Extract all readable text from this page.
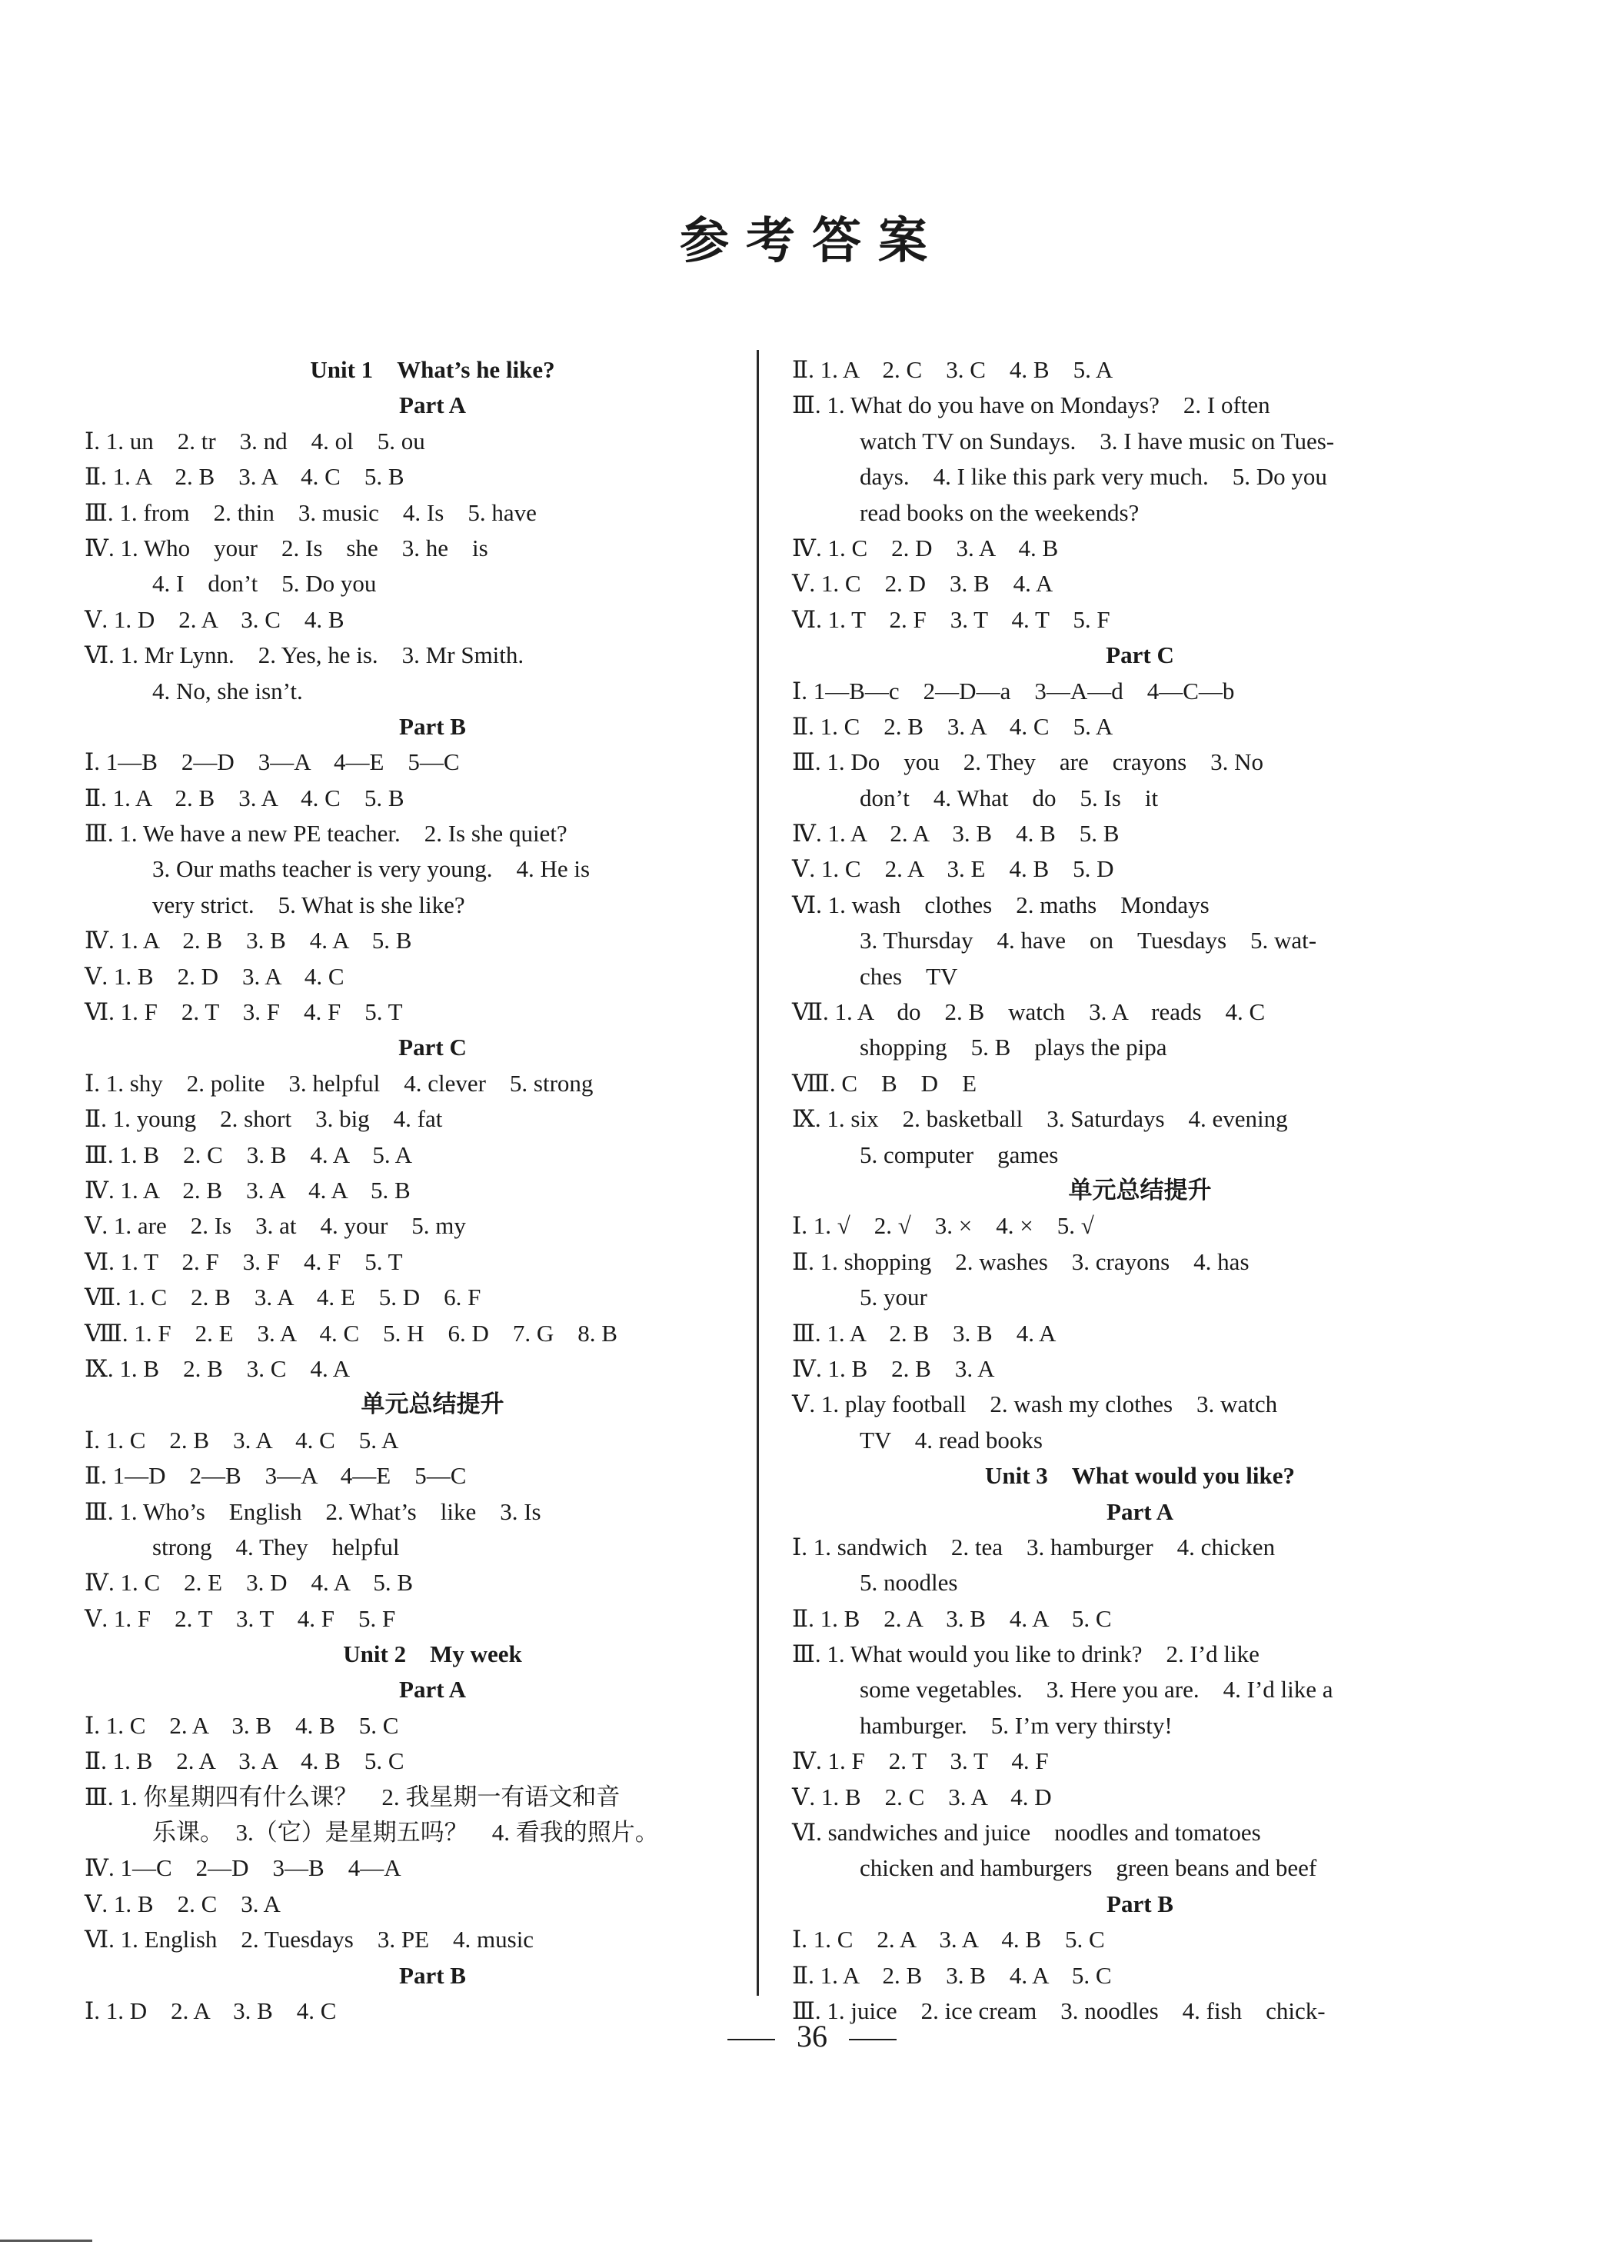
参考答案
Unit 1　What’s he like?
Part A
Ⅰ. 1. un　2. tr　3. nd　4. ol　5. ou
Ⅱ. 1. A　2. B　3. A　4. C　5. B
Ⅲ. 1. from　2. thin　3. music　4. Is　5. have
Ⅳ. 1. Who　your　2. Is　she　3. he　is
4. I　don’t　5. Do you
Ⅴ. 1. D　2. A　3. C　4. B
Ⅵ. 1. Mr Lynn.　2. Yes, he is.　3. Mr Smith.
4. No, she isn’t.
Part B
Ⅰ. 1—B　2—D　3—A　4—E　5—C
Ⅱ. 1. A　2. B　3. A　4. C　5. B
Ⅲ. 1. We have a new PE teacher.　2. Is she quiet?
3. Our maths teacher is very young.　4. He is
very strict.　5. What is she like?
Ⅳ. 1. A　2. B　3. B　4. A　5. B
Ⅴ. 1. B　2. D　3. A　4. C
Ⅵ. 1. F　2. T　3. F　4. F　5. T
Part C
Ⅰ. 1. shy　2. polite　3. helpful　4. clever　5. strong
Ⅱ. 1. young　2. short　3. big　4. fat
Ⅲ. 1. B　2. C　3. B　4. A　5. A
Ⅳ. 1. A　2. B　3. A　4. A　5. B
Ⅴ. 1. are　2. Is　3. at　4. your　5. my
Ⅵ. 1. T　2. F　3. F　4. F　5. T
Ⅶ. 1. C　2. B　3. A　4. E　5. D　6. F
Ⅷ. 1. F　2. E　3. A　4. C　5. H　6. D　7. G　8. B
Ⅸ. 1. B　2. B　3. C　4. A
单元总结提升
Ⅰ. 1. C　2. B　3. A　4. C　5. A
Ⅱ. 1—D　2—B　3—A　4—E　5—C
Ⅲ. 1. Who’s　English　2. What’s　like　3. Is
strong　4. They　helpful
Ⅳ. 1. C　2. E　3. D　4. A　5. B
Ⅴ. 1. F　2. T　3. T　4. F　5. F
Unit 2　My week
Part A
Ⅰ. 1. C　2. A　3. B　4. B　5. C
Ⅱ. 1. B　2. A　3. A　4. B　5. C
Ⅲ. 1. 你星期四有什么课？　2. 我星期一有语文和音
乐课。　3.（它）是星期五吗？　4. 看我的照片。
Ⅳ. 1—C　2—D　3—B　4—A
Ⅴ. 1. B　2. C　3. A
Ⅵ. 1. English　2. Tuesdays　3. PE　4. music
Part B
Ⅰ. 1. D　2. A　3. B　4. C
Ⅱ. 1. A　2. C　3. C　4. B　5. A
Ⅲ. 1. What do you have on Mondays?　2. I often
watch TV on Sundays.　3. I have music on Tues-
days.　4. I like this park very much.　5. Do you
read books on the weekends?
Ⅳ. 1. C　2. D　3. A　4. B
Ⅴ. 1. C　2. D　3. B　4. A
Ⅵ. 1. T　2. F　3. T　4. T　5. F
Part C
Ⅰ. 1—B—c　2—D—a　3—A—d　4—C—b
Ⅱ. 1. C　2. B　3. A　4. C　5. A
Ⅲ. 1. Do　you　2. They　are　crayons　3. No
don’t　4. What　do　5. Is　it
Ⅳ. 1. A　2. A　3. B　4. B　5. B
Ⅴ. 1. C　2. A　3. E　4. B　5. D
Ⅵ. 1. wash　clothes　2. maths　Mondays
3. Thursday　4. have　on　Tuesdays　5. wat-
ches　TV
Ⅶ. 1. A　do　2. B　watch　3. A　reads　4. C
shopping　5. B　plays the pipa
Ⅷ. C　B　D　E
Ⅸ. 1. six　2. basketball　3. Saturdays　4. evening
5. computer　games
单元总结提升
Ⅰ. 1. √　2. √　3. ×　4. ×　5. √
Ⅱ. 1. shopping　2. washes　3. crayons　4. has
5. your
Ⅲ. 1. A　2. B　3. B　4. A
Ⅳ. 1. B　2. B　3. A
Ⅴ. 1. play football　2. wash my clothes　3. watch
TV　4. read books
Unit 3　What would you like?
Part A
Ⅰ. 1. sandwich　2. tea　3. hamburger　4. chicken
5. noodles
Ⅱ. 1. B　2. A　3. B　4. A　5. C
Ⅲ. 1. What would you like to drink?　2. I’d like
some vegetables.　3. Here you are.　4. I’d like a
hamburger.　5. I’m very thirsty!
Ⅳ. 1. F　2. T　3. T　4. F
Ⅴ. 1. B　2. C　3. A　4. D
Ⅵ. sandwiches and juice　noodles and tomatoes
chicken and hamburgers　green beans and beef
Part B
Ⅰ. 1. C　2. A　3. A　4. B　5. C
Ⅱ. 1. A　2. B　3. B　4. A　5. C
Ⅲ. 1. juice　2. ice cream　3. noodles　4. fish　chick-
36
